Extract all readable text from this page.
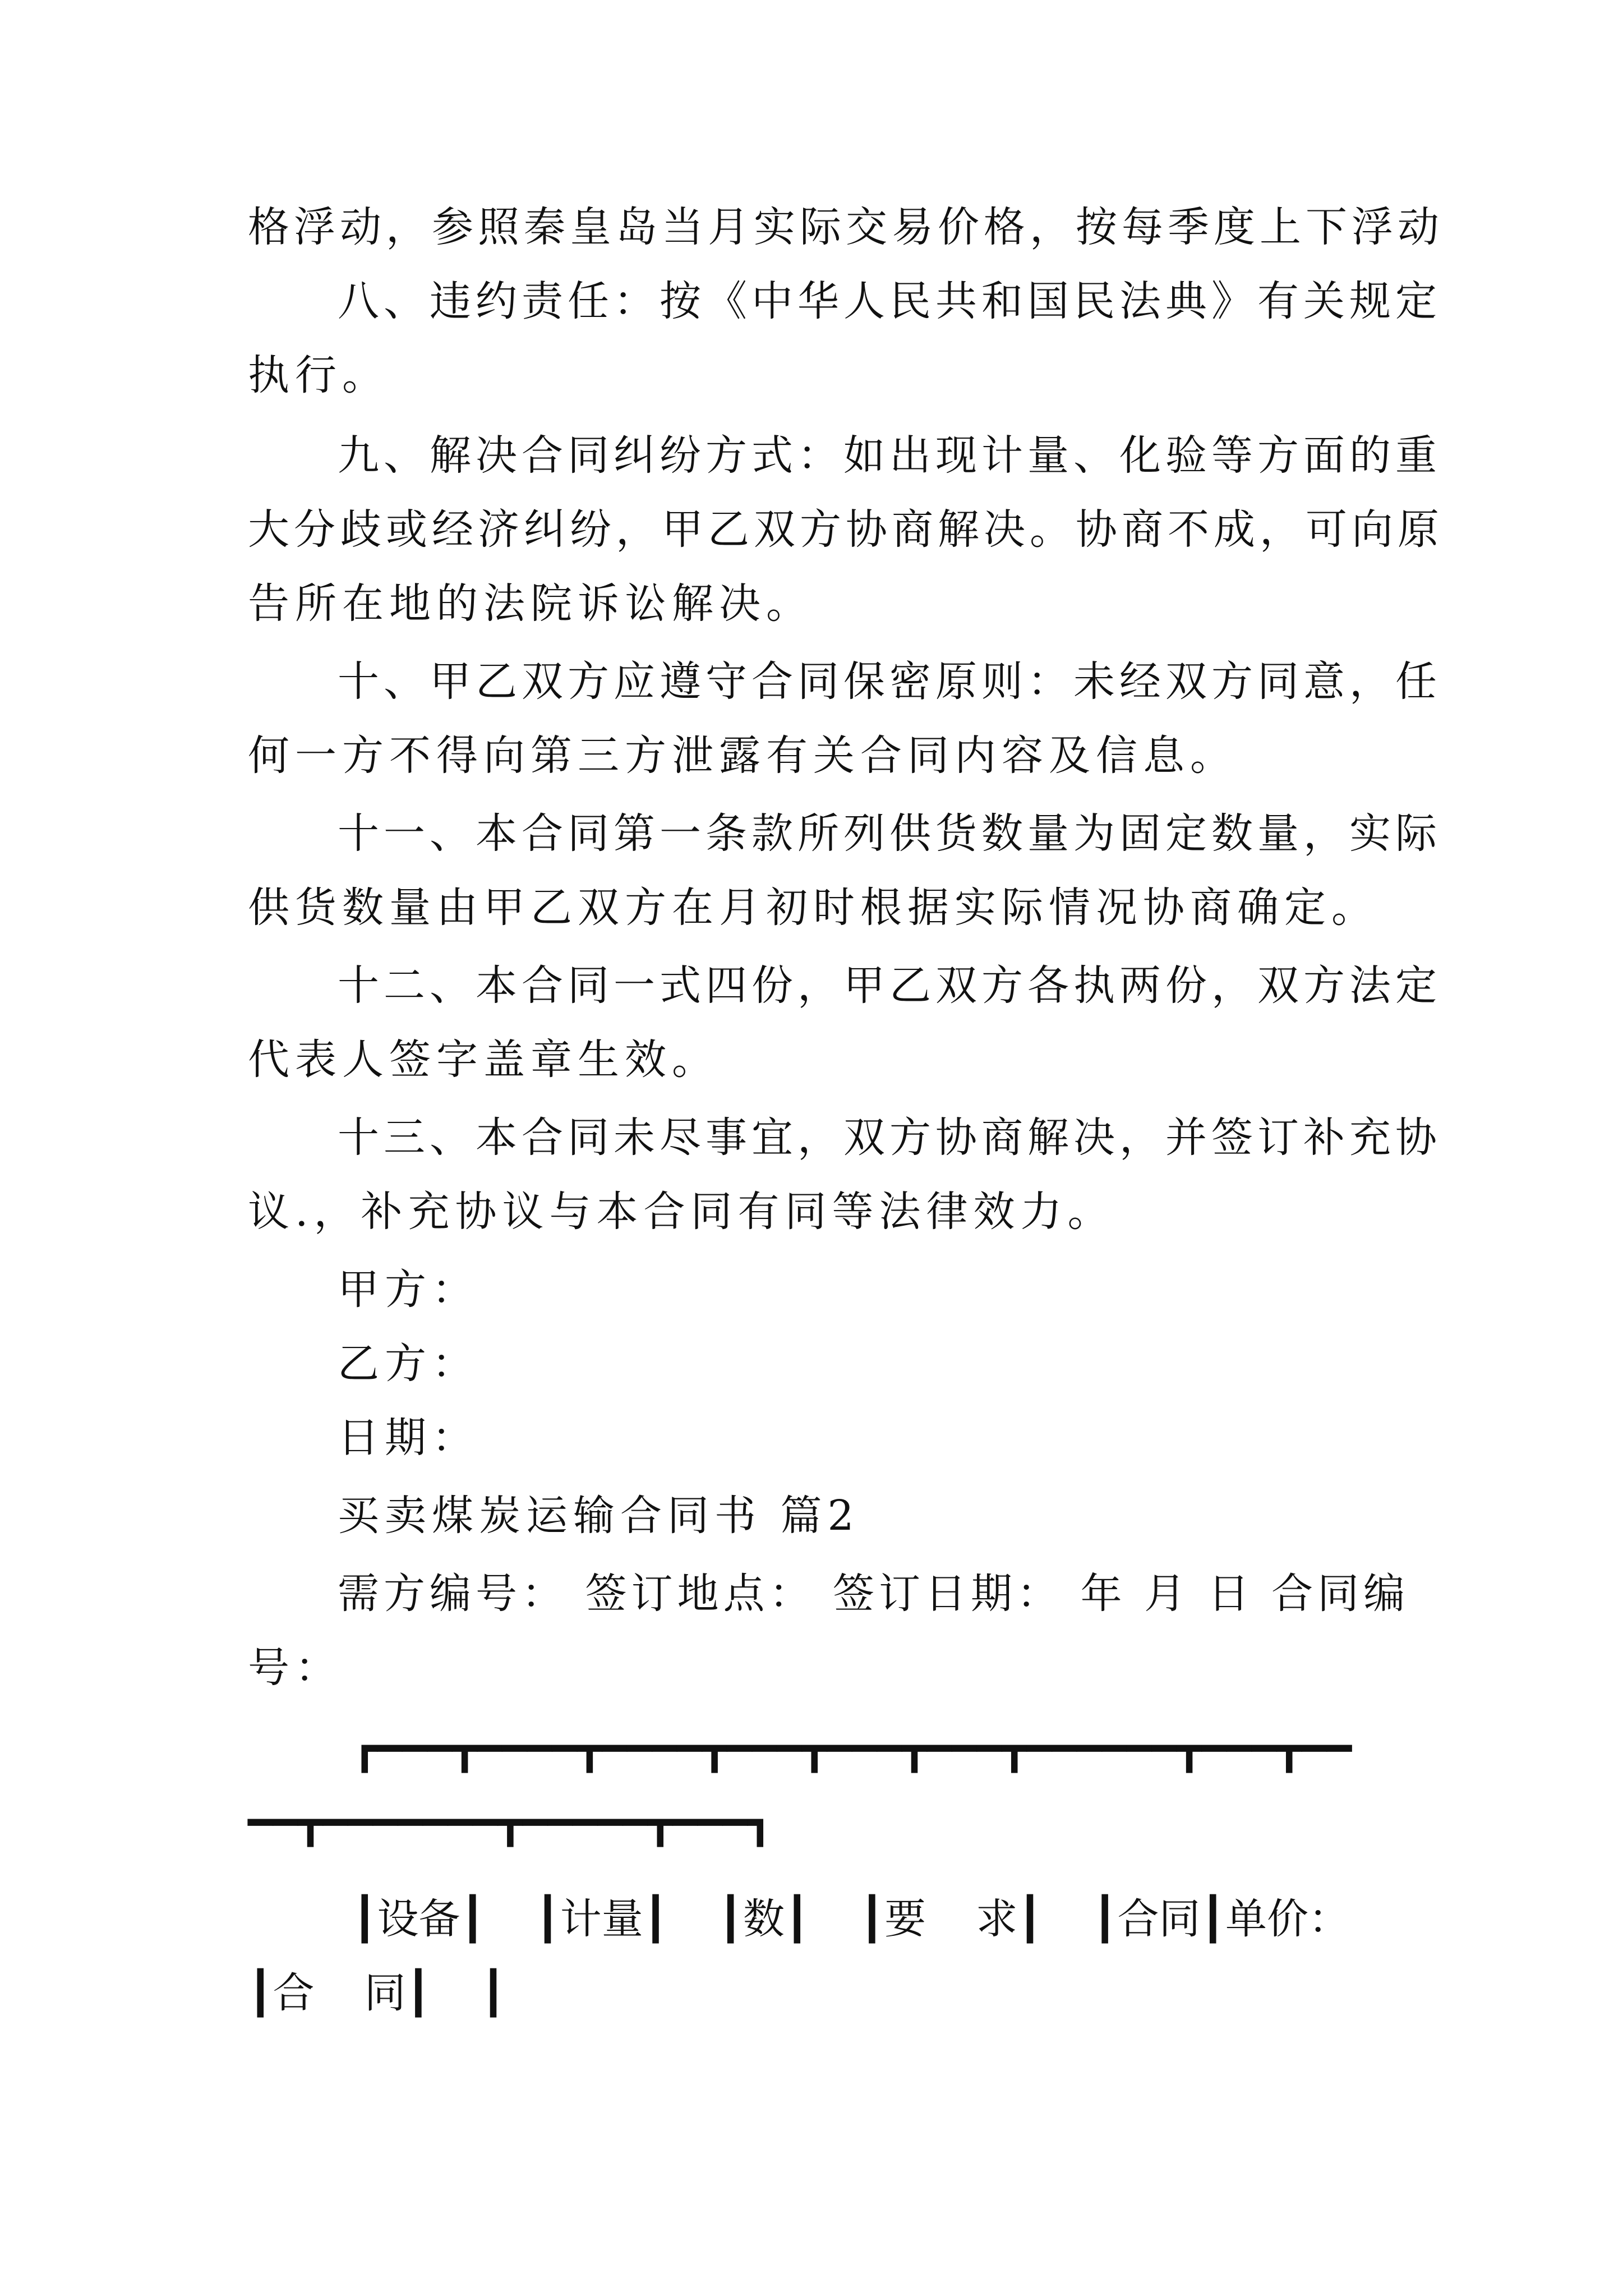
格浮动，参照秦皇岛当月实际交易价格，按每季度上下浮动
八、违约责任：按《中华人民共和国民法典》有关规定
执行。
九、解决合同纠纷方式：如出现计量、化验等方面的重
大分歧或经济纠纷，甲乙双方协商解决。协商不成，可向原
告所在地的法院诉讼解决。
十、甲乙双方应遵守合同保密原则：未经双方同意，任
何一方不得向第三方泄露有关合同内容及信息。
十一、本合同第一条款所列供货数量为固定数量，实际
供货数量由甲乙双方在月初时根据实际情况协商确定。
十二、本合同一式四份，甲乙双方各执两份，双方法定
代表人签字盖章生效。
十三、本合同未尽事宜，双方协商解决，并签订补充协
议.，补充协议与本合同有同等法律效力。
甲方：
乙方：
日期：
买卖煤炭运输合同书 篇2
需方编号： 签订地点： 签订日期： 年 月 日 合同编
号：
┏━━━┳━━━━┳━━━━┳━━━┳━━━┳━━━┳━━━━━━┳━━━┳━━
━━┳━━━━━━━┳━━━━━┳━━━┓
┃设备┃  ┃计量┃  ┃数┃  ┃要  求┃  ┃合同┃单价：
┃合  同┃  ┃
